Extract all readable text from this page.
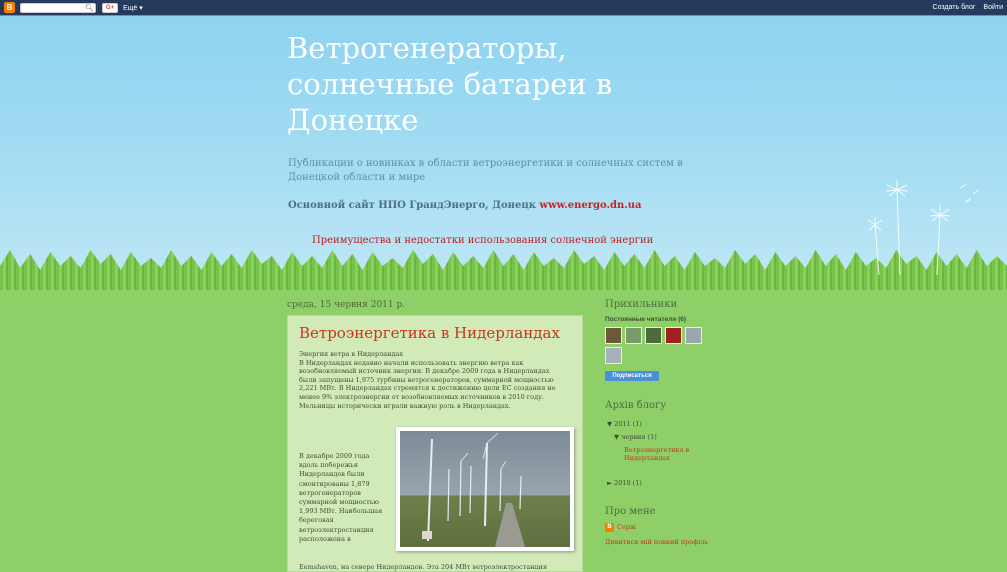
B	🔍︎	G+	Ещё ▾	Создать блог Войти
Ветрогенераторы, солнечные батареи в Донецке
Публикации о новинках в области ветроэнергетики и солнечных систем в Донецкой области и мире
Основной сайт НПО ГрандЭнерго, Донецк www.energo.dn.ua
Преимущества и недостатки использования солнечной энергии
среда, 15 червня 2011 р.
Ветроэнергетика в Нидерландах
Энергия ветра в Нидерландах
В Нидерландах недавно начали использовать энергию ветра как
возобновляемый источник энергии. В декабре 2009 года в Нидерландах
были запущены 1,975 турбины ветрогенераторов, суммарной мощностью
2,221 МВт. В Нидерландах стремятся к достижению цели ЕС создания не
менее 9% электроэнергии от возобновляемых источников в 2010 году.
Мельницы исторически играли важную роль в Нидерландах.
В декабре 2009 года
вдоль побережья
Нидерландов были
смонтированы 1,879
ветрогенераторов
суммарной мощностью
1,993 МВт. Наибольшая
береговая
ветроэлектростанция
расположена в
Eemshaven, на севере Нидерландов. Эта 204 МВт ветроэлектростанция
Прихильники
Постоянные читатели (6)
Подписаться
Архів блогу
▼ 2011 (1)
▼ червня (1)
Ветроэнергетика в Нидерландах
► 2010 (1)
Про мене
B Серж
Дивитися мій повний профіль
